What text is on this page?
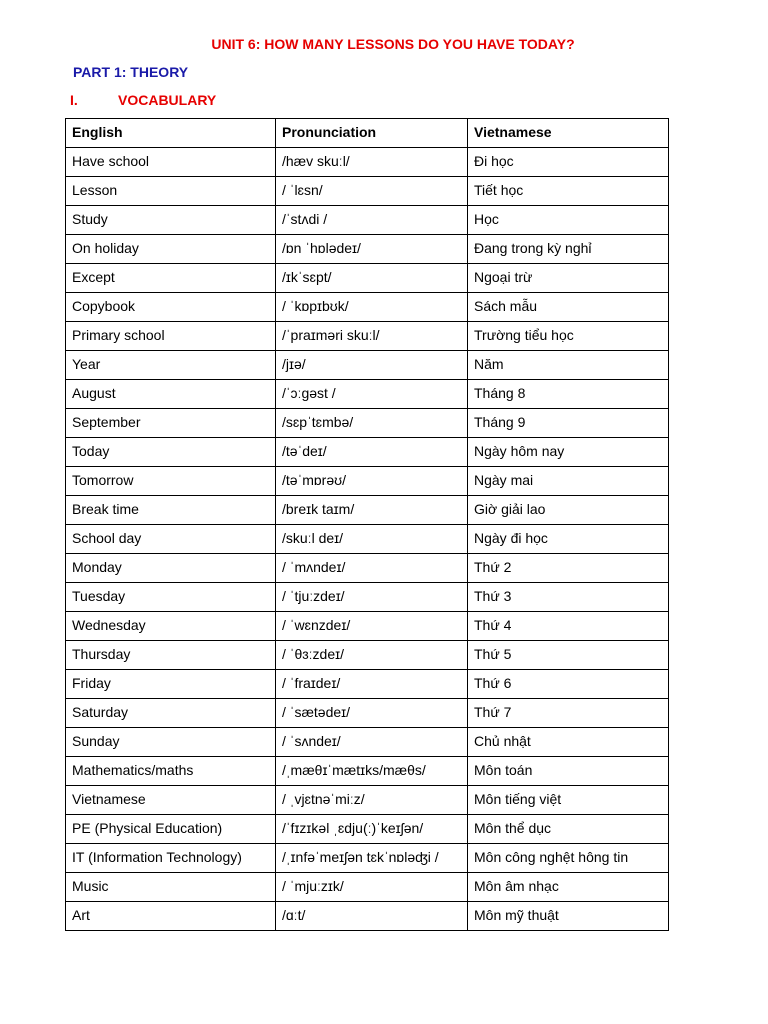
UNIT 6: HOW MANY LESSONS DO YOU HAVE TODAY?
PART 1: THEORY
I.	VOCABULARY
English	Pronunciation	Vietnamese
Have school	/hæv skuːl/	Đi học
Lesson	/ ˈlɛsn/	Tiết học
Study	/ˈstʌdi /	Học
On holiday	/ɒn ˈhɒlədeɪ/	Đang trong kỳ nghỉ
Except	/ɪkˈsɛpt/	Ngoại trừ
Copybook	/ ˈkɒpɪbʊk/	Sách mẫu
Primary school	/ˈpraɪməri skuːl/	Trường tiểu học
Year	/jɪə/	Năm
August	/ˈɔːgəst /	Tháng 8
September	/sɛpˈtɛmbə/	Tháng 9
Today	/təˈdeɪ/	Ngày hôm nay
Tomorrow	/təˈmɒrəʊ/	Ngày mai
Break time	/breɪk taɪm/	Giờ giải lao
School day	/skuːl deɪ/	Ngày đi học
Monday	/ ˈmʌndeɪ/	Thứ 2
Tuesday	/ ˈtjuːzdeɪ/	Thứ 3
Wednesday	/ ˈwɛnzdeɪ/	Thứ 4
Thursday	/ ˈθɜːzdeɪ/	Thứ 5
Friday	/ ˈfraɪdeɪ/	Thứ 6
Saturday	/ ˈsætədeɪ/	Thứ 7
Sunday	/ ˈsʌndeɪ/	Chủ nhật
Mathematics/maths	/ˌmæθɪˈmætɪks/mæθs/	Môn toán
Vietnamese	/ ˌvjɛtnəˈmiːz/	Môn tiếng việt
PE (Physical Education)	/ˈfɪzɪkəl ˌɛdju(ː)ˈkeɪʃən/	Môn thể dục
IT (Information Technology)	/ˌɪnfəˈmeɪʃən tɛkˈnɒləʤi /	Môn công nghệt hông tin
Music	/ ˈmjuːzɪk/	Môn âm nhạc
Art	/ɑːt/	Môn mỹ thuật
